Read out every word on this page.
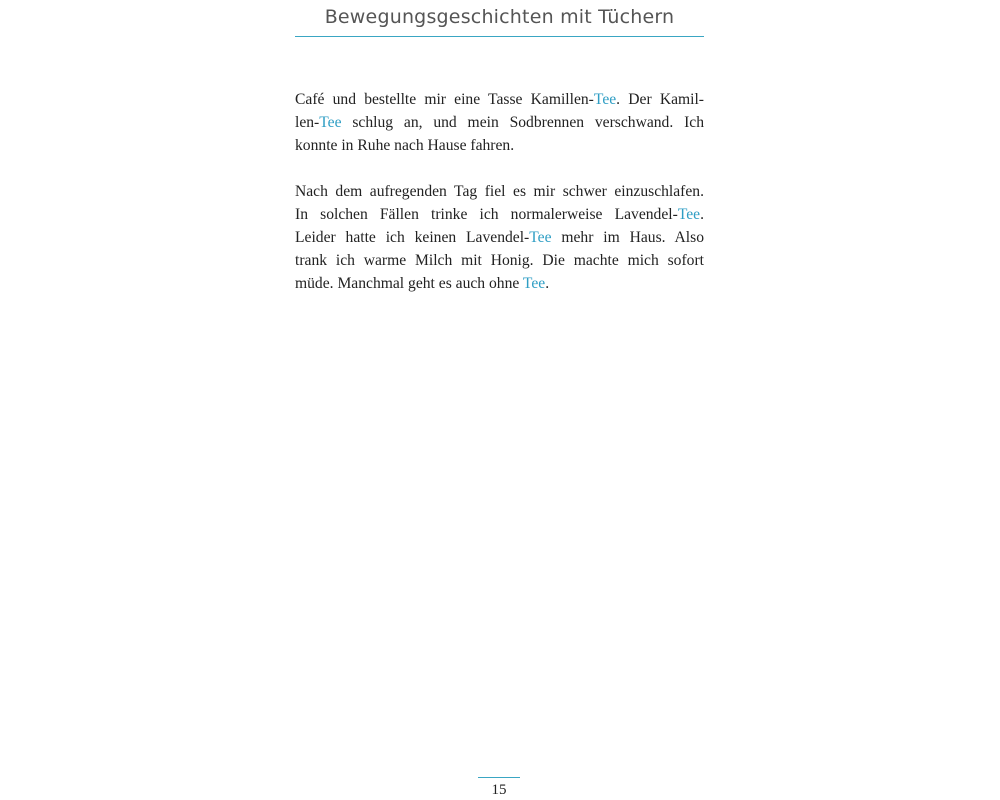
Bewegungsgeschichten mit Tüchern

Café und bestellte mir eine Tasse Kamillen-Tee. Der Kamil-
len-Tee schlug an, und mein Sodbrennen verschwand. Ich
konnte in Ruhe nach Hause fahren.

Nach dem aufregenden Tag fiel es mir schwer einzuschlafen.
In solchen Fällen trinke ich normalerweise Lavendel-Tee.
Leider hatte ich keinen Lavendel-Tee mehr im Haus. Also
trank ich warme Milch mit Honig. Die machte mich sofort
müde. Manchmal geht es auch ohne Tee.

15
